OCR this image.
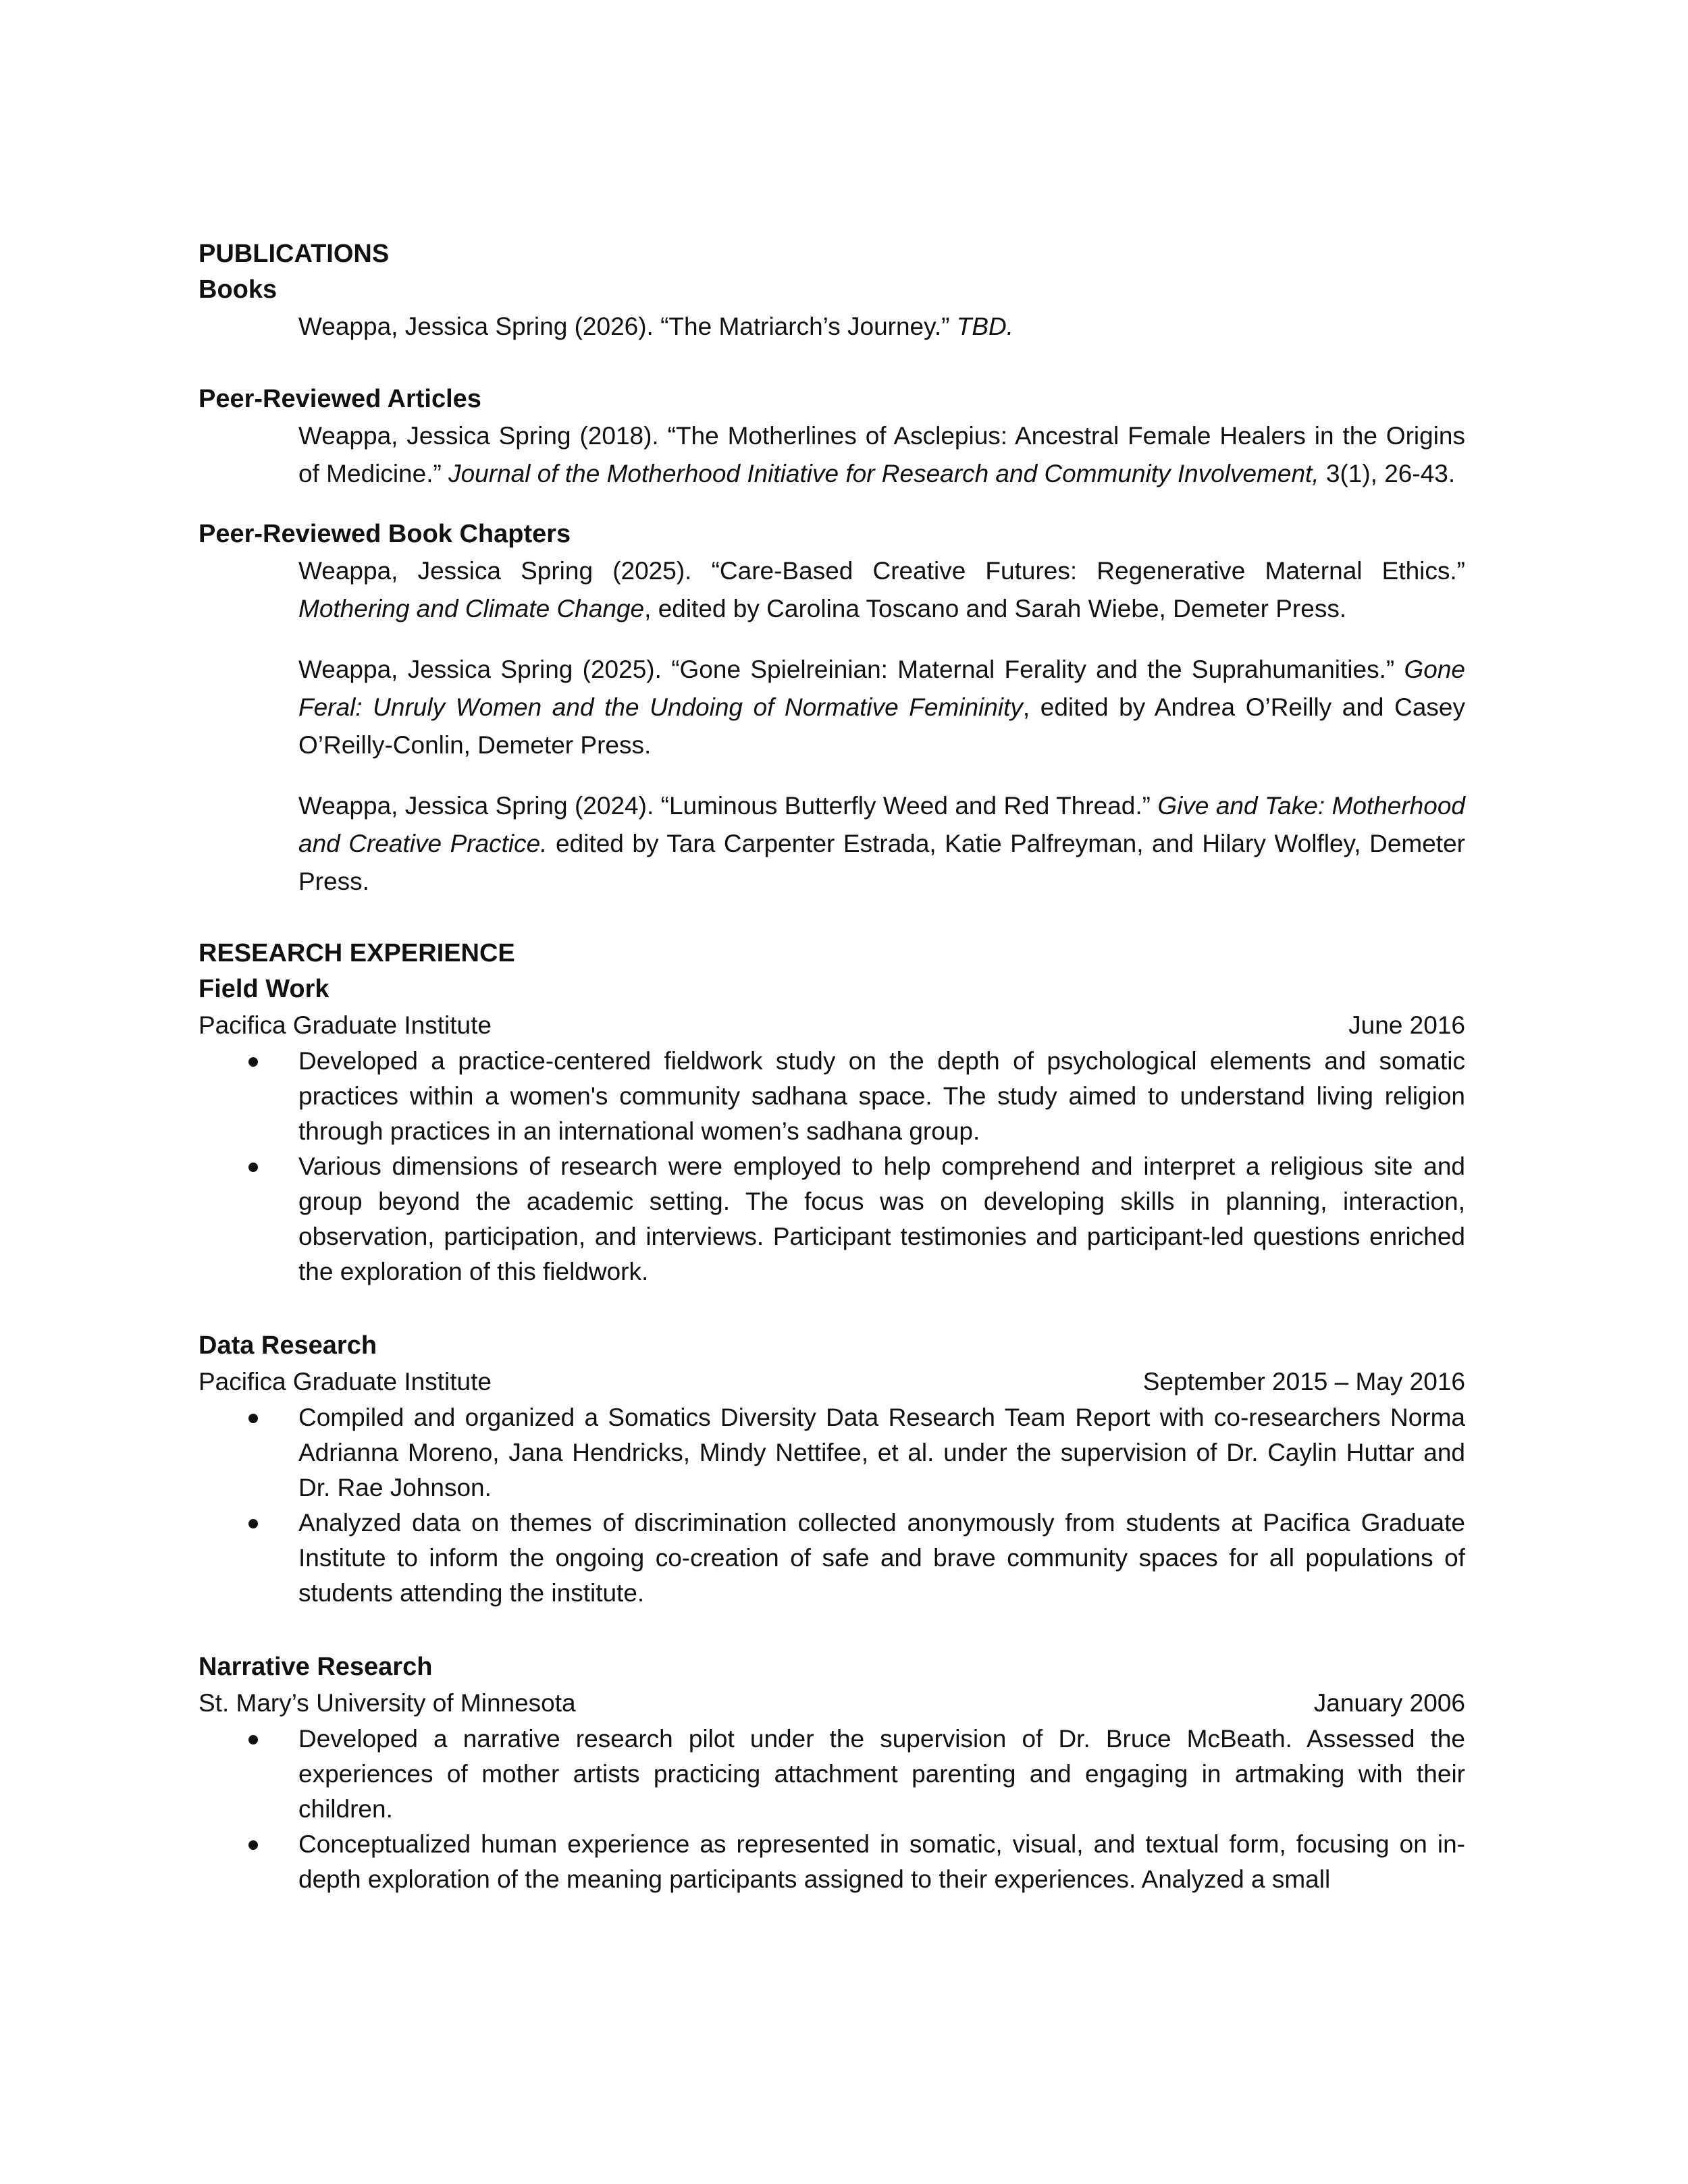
PUBLICATIONS
Books
Weappa, Jessica Spring (2026). “The Matriarch’s Journey.” TBD.
Peer-Reviewed Articles
Weappa, Jessica Spring (2018). “The Motherlines of Asclepius: Ancestral Female Healers in the Origins of Medicine.” Journal of the Motherhood Initiative for Research and Community Involvement, 3(1), 26-43.
Peer-Reviewed Book Chapters
Weappa, Jessica Spring (2025). “Care-Based Creative Futures: Regenerative Maternal Ethics.” Mothering and Climate Change, edited by Carolina Toscano and Sarah Wiebe, Demeter Press.
Weappa, Jessica Spring (2025). “Gone Spielreinian: Maternal Ferality and the Suprahumanities.” Gone Feral: Unruly Women and the Undoing of Normative Femininity, edited by Andrea O’Reilly and Casey O’Reilly-Conlin, Demeter Press.
Weappa, Jessica Spring (2024). “Luminous Butterfly Weed and Red Thread.” Give and Take: Motherhood and Creative Practice. edited by Tara Carpenter Estrada, Katie Palfreyman, and Hilary Wolfley, Demeter Press.
RESEARCH EXPERIENCE
Field Work
Pacifica Graduate Institute	June 2016
Developed a practice-centered fieldwork study on the depth of psychological elements and somatic practices within a women's community sadhana space. The study aimed to understand living religion through practices in an international women’s sadhana group.
Various dimensions of research were employed to help comprehend and interpret a religious site and group beyond the academic setting. The focus was on developing skills in planning, interaction, observation, participation, and interviews. Participant testimonies and participant-led questions enriched the exploration of this fieldwork.
Data Research
Pacifica Graduate Institute	September 2015 – May 2016
Compiled and organized a Somatics Diversity Data Research Team Report with co-researchers Norma Adrianna Moreno, Jana Hendricks, Mindy Nettifee, et al. under the supervision of Dr. Caylin Huttar and Dr. Rae Johnson.
Analyzed data on themes of discrimination collected anonymously from students at Pacifica Graduate Institute to inform the ongoing co-creation of safe and brave community spaces for all populations of students attending the institute.
Narrative Research
St. Mary’s University of Minnesota	January 2006
Developed a narrative research pilot under the supervision of Dr. Bruce McBeath. Assessed the experiences of mother artists practicing attachment parenting and engaging in artmaking with their children.
Conceptualized human experience as represented in somatic, visual, and textual form, focusing on in-depth exploration of the meaning participants assigned to their experiences. Analyzed a small
